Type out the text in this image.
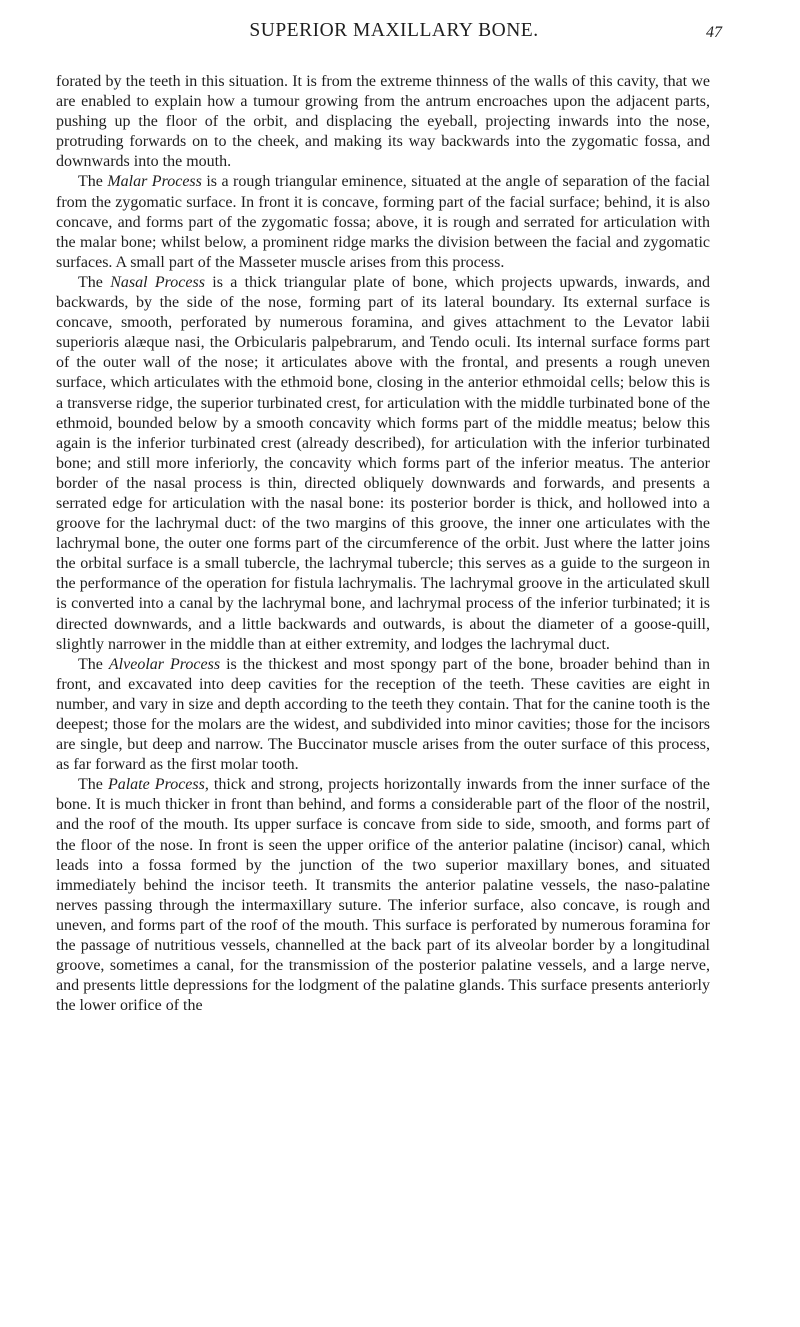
SUPERIOR MAXILLARY BONE.	47

forated by the teeth in this situation. It is from the extreme thinness of the walls of this cavity, that we are enabled to explain how a tumour growing from the antrum encroaches upon the adjacent parts, pushing up the floor of the orbit, and displacing the eyeball, projecting inwards into the nose, protruding forwards on to the cheek, and making its way backwards into the zygomatic fossa, and downwards into the mouth.

The Malar Process is a rough triangular eminence, situated at the angle of separation of the facial from the zygomatic surface. In front it is concave, forming part of the facial surface; behind, it is also concave, and forms part of the zygomatic fossa; above, it is rough and serrated for articulation with the malar bone; whilst below, a prominent ridge marks the division between the facial and zygomatic surfaces. A small part of the Masseter muscle arises from this process.

The Nasal Process is a thick triangular plate of bone, which projects upwards, inwards, and backwards, by the side of the nose, forming part of its lateral boundary. Its external surface is concave, smooth, perforated by numerous foramina, and gives attachment to the Levator labii superioris alæque nasi, the Orbicularis palpebrarum, and Tendo oculi. Its internal surface forms part of the outer wall of the nose; it articulates above with the frontal, and presents a rough uneven surface, which articulates with the ethmoid bone, closing in the anterior ethmoidal cells; below this is a transverse ridge, the superior turbinated crest, for articulation with the middle turbinated bone of the ethmoid, bounded below by a smooth concavity which forms part of the middle meatus; below this again is the inferior turbinated crest (already described), for articulation with the inferior turbinated bone; and still more inferiorly, the concavity which forms part of the inferior meatus. The anterior border of the nasal process is thin, directed obliquely downwards and forwards, and presents a serrated edge for articulation with the nasal bone: its posterior border is thick, and hollowed into a groove for the lachrymal duct: of the two margins of this groove, the inner one articulates with the lachrymal bone, the outer one forms part of the circumference of the orbit. Just where the latter joins the orbital surface is a small tubercle, the lachrymal tubercle; this serves as a guide to the surgeon in the performance of the operation for fistula lachrymalis. The lachrymal groove in the articulated skull is converted into a canal by the lachrymal bone, and lachrymal process of the inferior turbinated; it is directed downwards, and a little backwards and outwards, is about the diameter of a goose-quill, slightly narrower in the middle than at either extremity, and lodges the lachrymal duct.

The Alveolar Process is the thickest and most spongy part of the bone, broader behind than in front, and excavated into deep cavities for the reception of the teeth. These cavities are eight in number, and vary in size and depth according to the teeth they contain. That for the canine tooth is the deepest; those for the molars are the widest, and subdivided into minor cavities; those for the incisors are single, but deep and narrow. The Buccinator muscle arises from the outer surface of this process, as far forward as the first molar tooth.

The Palate Process, thick and strong, projects horizontally inwards from the inner surface of the bone. It is much thicker in front than behind, and forms a considerable part of the floor of the nostril, and the roof of the mouth. Its upper surface is concave from side to side, smooth, and forms part of the floor of the nose. In front is seen the upper orifice of the anterior palatine (incisor) canal, which leads into a fossa formed by the junction of the two superior maxillary bones, and situated immediately behind the incisor teeth. It transmits the anterior palatine vessels, the naso-palatine nerves passing through the intermaxillary suture. The inferior surface, also concave, is rough and uneven, and forms part of the roof of the mouth. This surface is perforated by numerous foramina for the passage of nutritious vessels, channelled at the back part of its alveolar border by a longitudinal groove, sometimes a canal, for the transmission of the posterior palatine vessels, and a large nerve, and presents little depressions for the lodgment of the palatine glands. This surface presents anteriorly the lower orifice of the
